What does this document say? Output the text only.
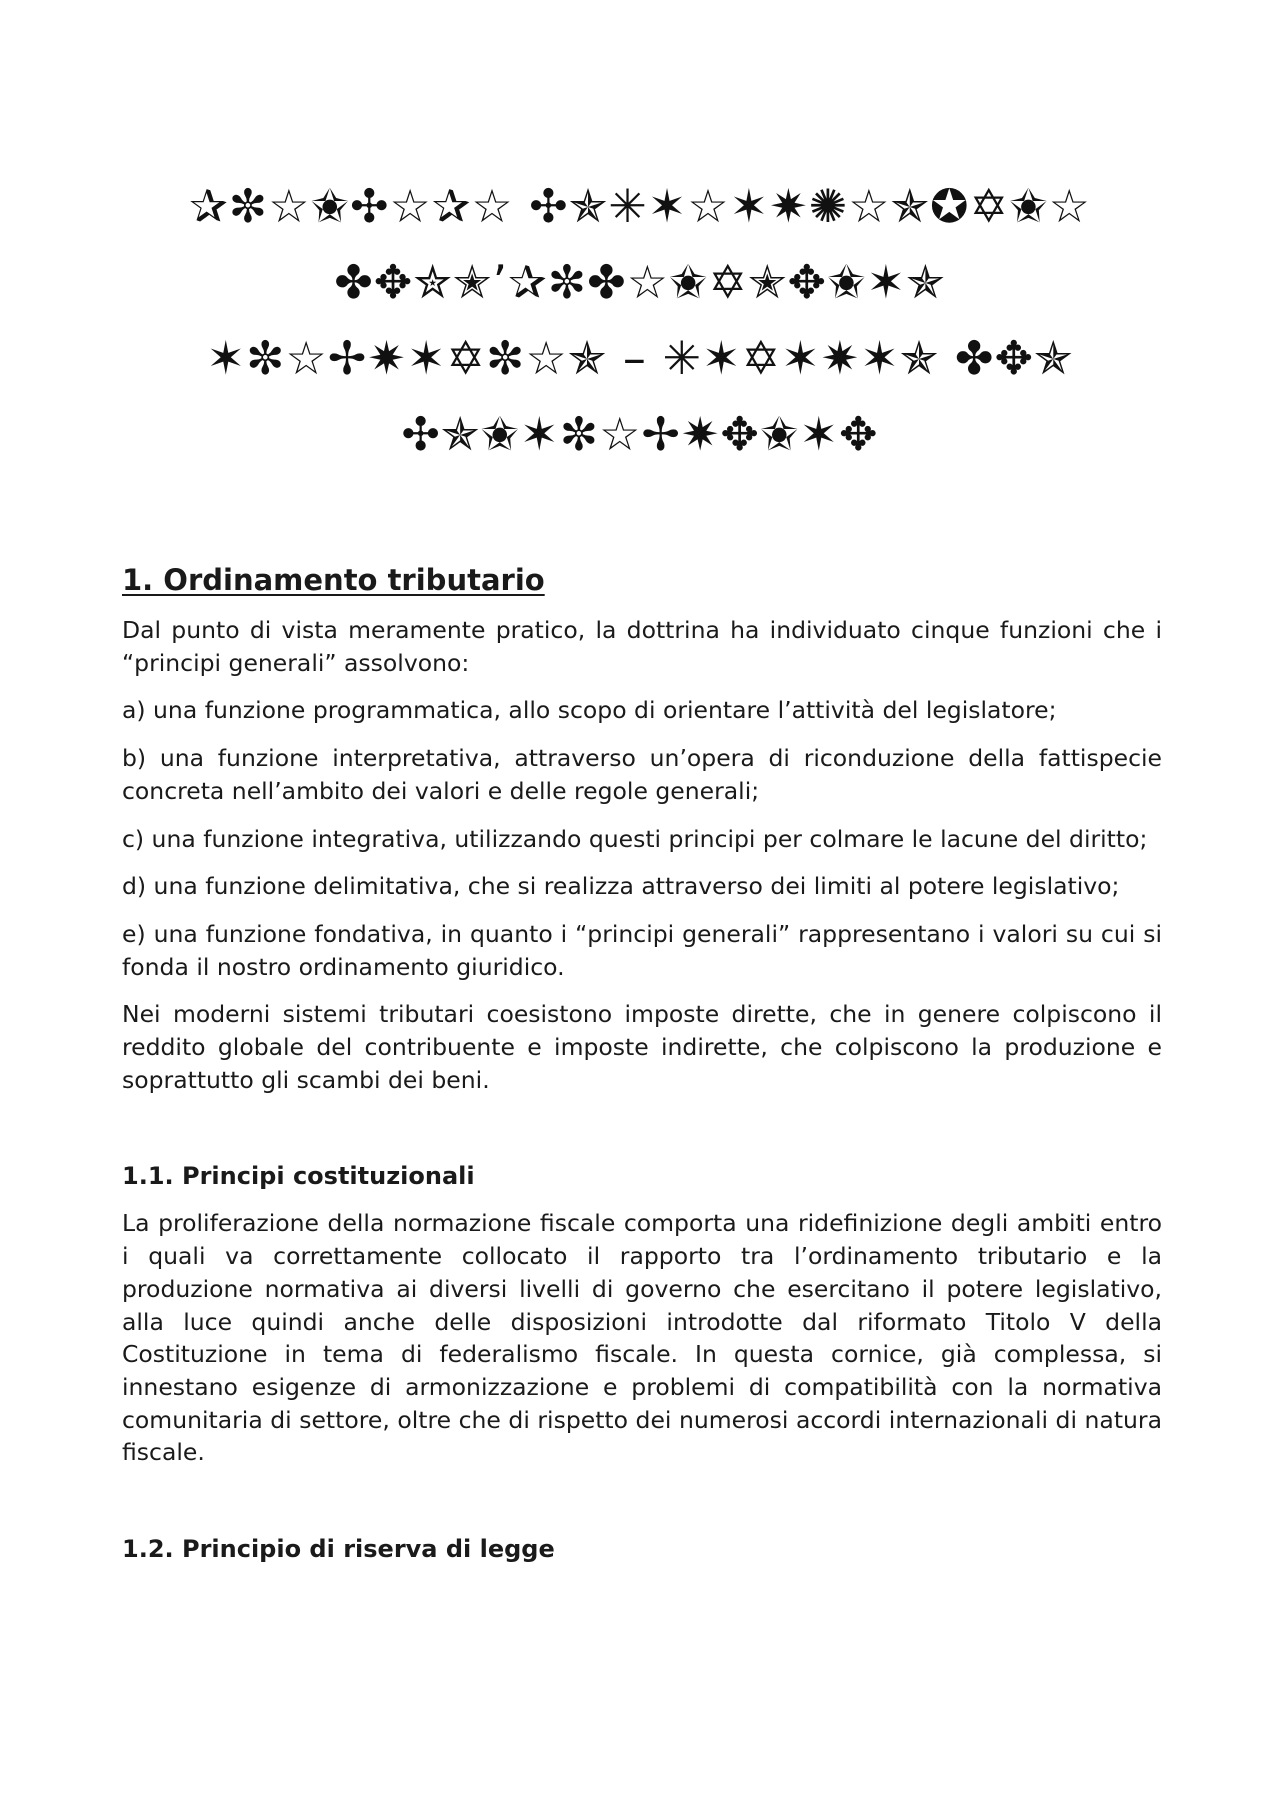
✰✼☆✬✣☆✰☆ ✣✯✳✶☆✶✷✺☆✯✪✡✬☆
✤✥✮✭’✰✼✤☆✬✡✭✥✬✶✯
✶✼☆✢✷✶✡✼☆✯ – ✳✶✡✶✷✶✯ ✤✥✯
✣✯✬✶✼☆✢✷✥✬✶✥
1. Ordinamento tributario

Dal punto di vista meramente pratico, la dottrina ha individuato cinque funzioni che i “principi generali” assolvono:

a) una funzione programmatica, allo scopo di orientare l’attività del legislatore;

b) una funzione interpretativa, attraverso un’opera di riconduzione della fattispecie concreta nell’ambito dei valori e delle regole generali;

c) una funzione integrativa, utilizzando questi principi per colmare le lacune del diritto;

d) una funzione delimitativa, che si realizza attraverso dei limiti al potere legislativo;

e) una funzione fondativa, in quanto i “principi generali” rappresentano i valori su cui si fonda il nostro ordinamento giuridico.

Nei moderni sistemi tributari coesistono imposte dirette, che in genere colpiscono il reddito globale del contribuente e imposte indirette, che colpiscono la produzione e soprattutto gli scambi dei beni.

1.1. Principi costituzionali

La proliferazione della normazione fiscale comporta una ridefinizione degli ambiti entro i quali va correttamente collocato il rapporto tra l’ordinamento tributario e la produzione normativa ai diversi livelli di governo che esercitano il potere legislativo, alla luce quindi anche delle disposizioni introdotte dal riformato Titolo V della Costituzione in tema di federalismo fiscale. In questa cornice, già complessa, si innestano esigenze di armonizzazione e problemi di compatibilità con la normativa comunitaria di settore, oltre che di rispetto dei numerosi accordi internazionali di natura fiscale.

1.2. Principio di riserva di legge
